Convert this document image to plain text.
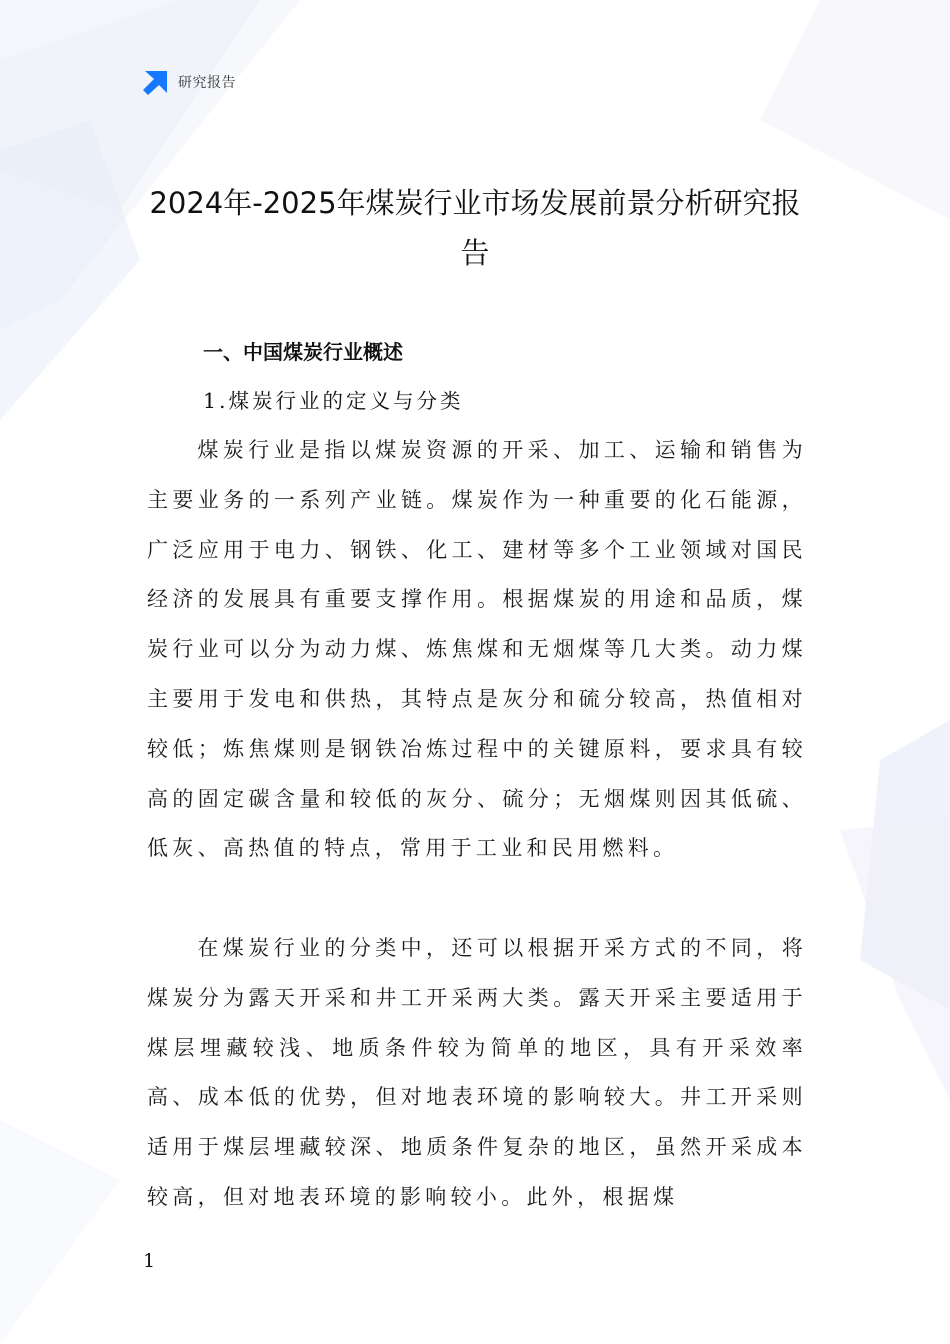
研究报告
2024年-2025年煤炭行业市场发展前景分析研究报告
一、中国煤炭行业概述
1.煤炭行业的定义与分类

煤炭行业是指以煤炭资源的开采、加工、运输和销售为主要业务的一系列产业链。煤炭作为一种重要的化石能源，广泛应用于电力、钢铁、化工、建材等多个工业领域对国民经济的发展具有重要支撑作用。根据煤炭的用途和品质，煤炭行业可以分为动力煤、炼焦煤和无烟煤等几大类。动力煤主要用于发电和供热，其特点是灰分和硫分较高，热值相对较低；炼焦煤则是钢铁冶炼过程中的关键原料，要求具有较高的固定碳含量和较低的灰分、硫分；无烟煤则因其低硫、低灰、高热值的特点，常用于工业和民用燃料。

在煤炭行业的分类中，还可以根据开采方式的不同，将煤炭分为露天开采和井工开采两大类。露天开采主要适用于煤层埋藏较浅、地质条件较为简单的地区，具有开采效率高、成本低的优势，但对地表环境的影响较大。井工开采则适用于煤层埋藏较深、地质条件复杂的地区，虽然开采成本较高，但对地表环境的影响较小。此外，根据煤

1
